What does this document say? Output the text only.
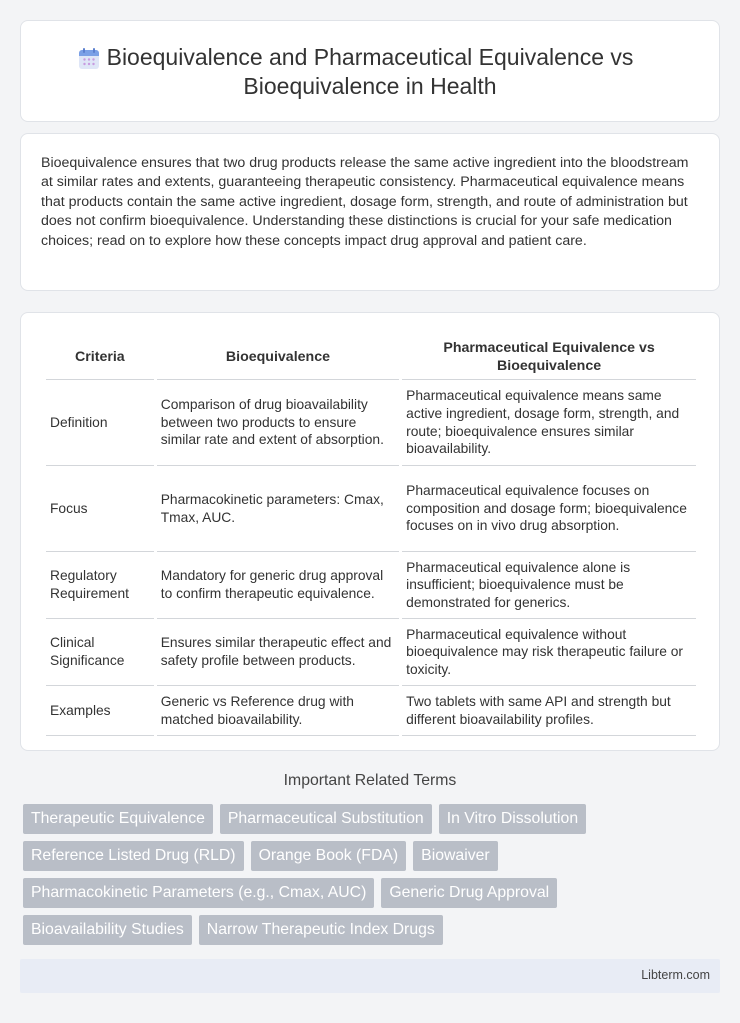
Bioequivalence and Pharmaceutical Equivalence vs
Bioequivalence in Health

Bioequivalence ensures that two drug products release the same active ingredient into the bloodstream at similar rates and extents, guaranteeing therapeutic consistency. Pharmaceutical equivalence means that products contain the same active ingredient, dosage form, strength, and route of administration but does not confirm bioequivalence. Understanding these distinctions is crucial for your safe medication choices; read on to explore how these concepts impact drug approval and patient care.

Criteria	Bioequivalence	Pharmaceutical Equivalence vs Bioequivalence
Definition	Comparison of drug bioavailability between two products to ensure similar rate and extent of absorption.	Pharmaceutical equivalence means same active ingredient, dosage form, strength, and route; bioequivalence ensures similar bioavailability.
Focus	Pharmacokinetic parameters: Cmax, Tmax, AUC.	Pharmaceutical equivalence focuses on composition and dosage form; bioequivalence focuses on in vivo drug absorption.
Regulatory Requirement	Mandatory for generic drug approval to confirm therapeutic equivalence.	Pharmaceutical equivalence alone is insufficient; bioequivalence must be demonstrated for generics.
Clinical Significance	Ensures similar therapeutic effect and safety profile between products.	Pharmaceutical equivalence without bioequivalence may risk therapeutic failure or toxicity.
Examples	Generic vs Reference drug with matched bioavailability.	Two tablets with same API and strength but different bioavailability profiles.
Important Related Terms
Therapeutic Equivalence	Pharmaceutical Substitution	In Vitro Dissolution
Reference Listed Drug (RLD)	Orange Book (FDA)	Biowaiver
Pharmacokinetic Parameters (e.g., Cmax, AUC)	Generic Drug Approval
Bioavailability Studies	Narrow Therapeutic Index Drugs
Libterm.com
